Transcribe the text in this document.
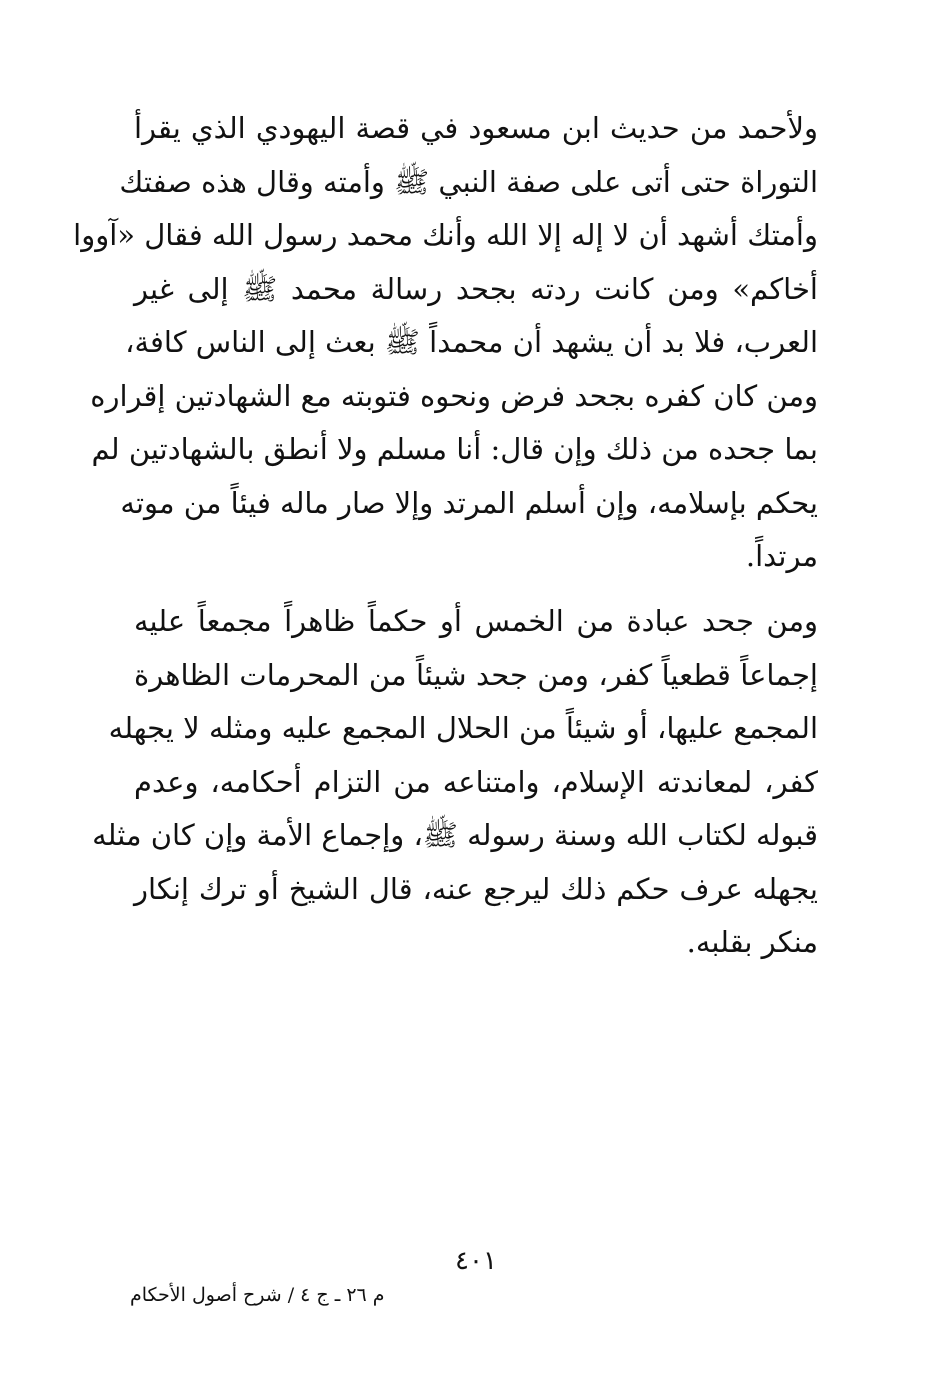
ولأحمد من حديث ابن مسعود في قصة اليهودي الذي يقرأ
التوراة حتى أتى على صفة النبي ﷺ وأمته وقال هذه صفتك
وأمتك أشهد أن لا إله إلا الله وأنك محمد رسول الله فقال «آووا
أخاكم» ومن كانت ردته بجحد رسالة محمد ﷺ إلى غير
العرب، فلا بد أن يشهد أن محمداً ﷺ بعث إلى الناس كافة،
ومن كان كفره بجحد فرض ونحوه فتوبته مع الشهادتين إقراره
بما جحده من ذلك وإن قال: أنا مسلم ولا أنطق بالشهادتين لم
يحكم بإسلامه، وإن أسلم المرتد وإلا صار ماله فيئاً من موته
مرتداً.
ومن جحد عبادة من الخمس أو حكماً ظاهراً مجمعاً عليه
إجماعاً قطعياً كفر، ومن جحد شيئاً من المحرمات الظاهرة
المجمع عليها، أو شيئاً من الحلال المجمع عليه ومثله لا يجهله
كفر، لمعاندته الإسلام، وامتناعه من التزام أحكامه، وعدم
قبوله لكتاب الله وسنة رسوله ﷺ، وإجماع الأمة وإن كان مثله
يجهله عرف حكم ذلك ليرجع عنه، قال الشيخ أو ترك إنكار
منكر بقلبه.
٤٠١
م ٢٦ ـ ج ٤ / شرح أصول الأحكام
